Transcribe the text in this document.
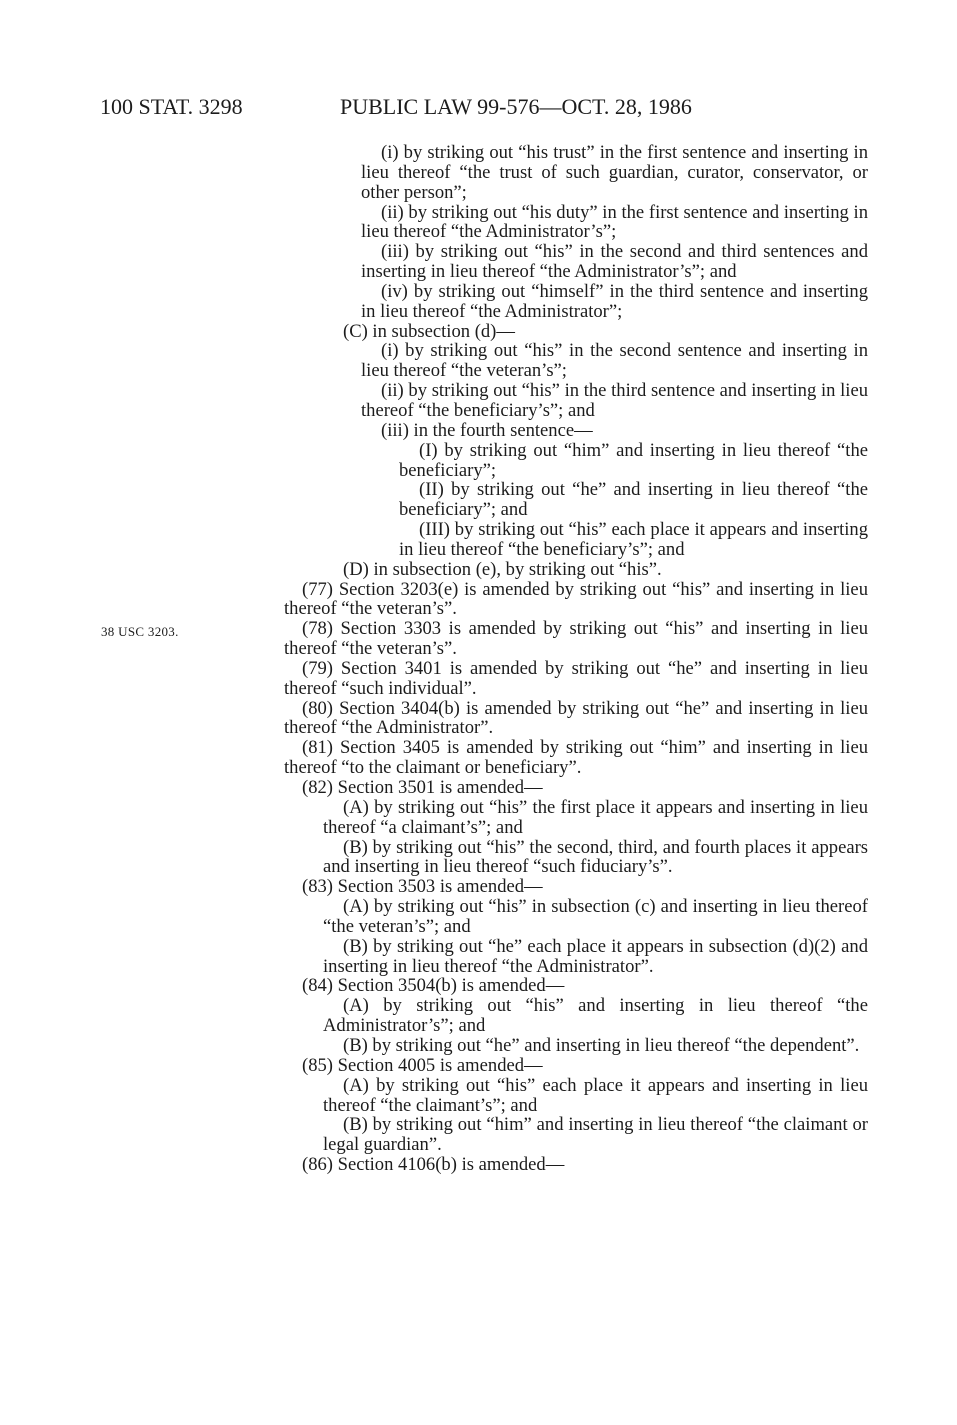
100 STAT. 3298	PUBLIC LAW 99-576—OCT. 28, 1986
38 USC 3203.

(i) by striking out “his trust” in the first sentence and inserting in lieu thereof “the trust of such guardian, curator, conservator, or other person”;

(ii) by striking out “his duty” in the first sentence and inserting in lieu thereof “the Administrator’s”;

(iii) by striking out “his” in the second and third sentences and inserting in lieu thereof “the Administrator’s”; and

(iv) by striking out “himself” in the third sentence and inserting in lieu thereof “the Administrator”;

(C) in subsection (d)—

(i) by striking out “his” in the second sentence and inserting in lieu thereof “the veteran’s”;

(ii) by striking out “his” in the third sentence and inserting in lieu thereof “the beneficiary’s”; and

(iii) in the fourth sentence—

(I) by striking out “him” and inserting in lieu thereof “the beneficiary”;

(II) by striking out “he” and inserting in lieu thereof “the beneficiary”; and

(III) by striking out “his” each place it appears and inserting in lieu thereof “the beneficiary’s”; and

(D) in subsection (e), by striking out “his”.

(77) Section 3203(e) is amended by striking out “his” and inserting in lieu thereof “the veteran’s”.

(78) Section 3303 is amended by striking out “his” and inserting in lieu thereof “the veteran’s”.

(79) Section 3401 is amended by striking out “he” and inserting in lieu thereof “such individual”.

(80) Section 3404(b) is amended by striking out “he” and inserting in lieu thereof “the Administrator”.

(81) Section 3405 is amended by striking out “him” and inserting in lieu thereof “to the claimant or beneficiary”.

(82) Section 3501 is amended—

(A) by striking out “his” the first place it appears and inserting in lieu thereof “a claimant’s”; and

(B) by striking out “his” the second, third, and fourth places it appears and inserting in lieu thereof “such fiduciary’s”.

(83) Section 3503 is amended—

(A) by striking out “his” in subsection (c) and inserting in lieu thereof “the veteran’s”; and

(B) by striking out “he” each place it appears in subsection (d)(2) and inserting in lieu thereof “the Administrator”.

(84) Section 3504(b) is amended—

(A) by striking out “his” and inserting in lieu thereof “the Administrator’s”; and

(B) by striking out “he” and inserting in lieu thereof “the dependent”.

(85) Section 4005 is amended—

(A) by striking out “his” each place it appears and inserting in lieu thereof “the claimant’s”; and

(B) by striking out “him” and inserting in lieu thereof “the claimant or legal guardian”.

(86) Section 4106(b) is amended—
